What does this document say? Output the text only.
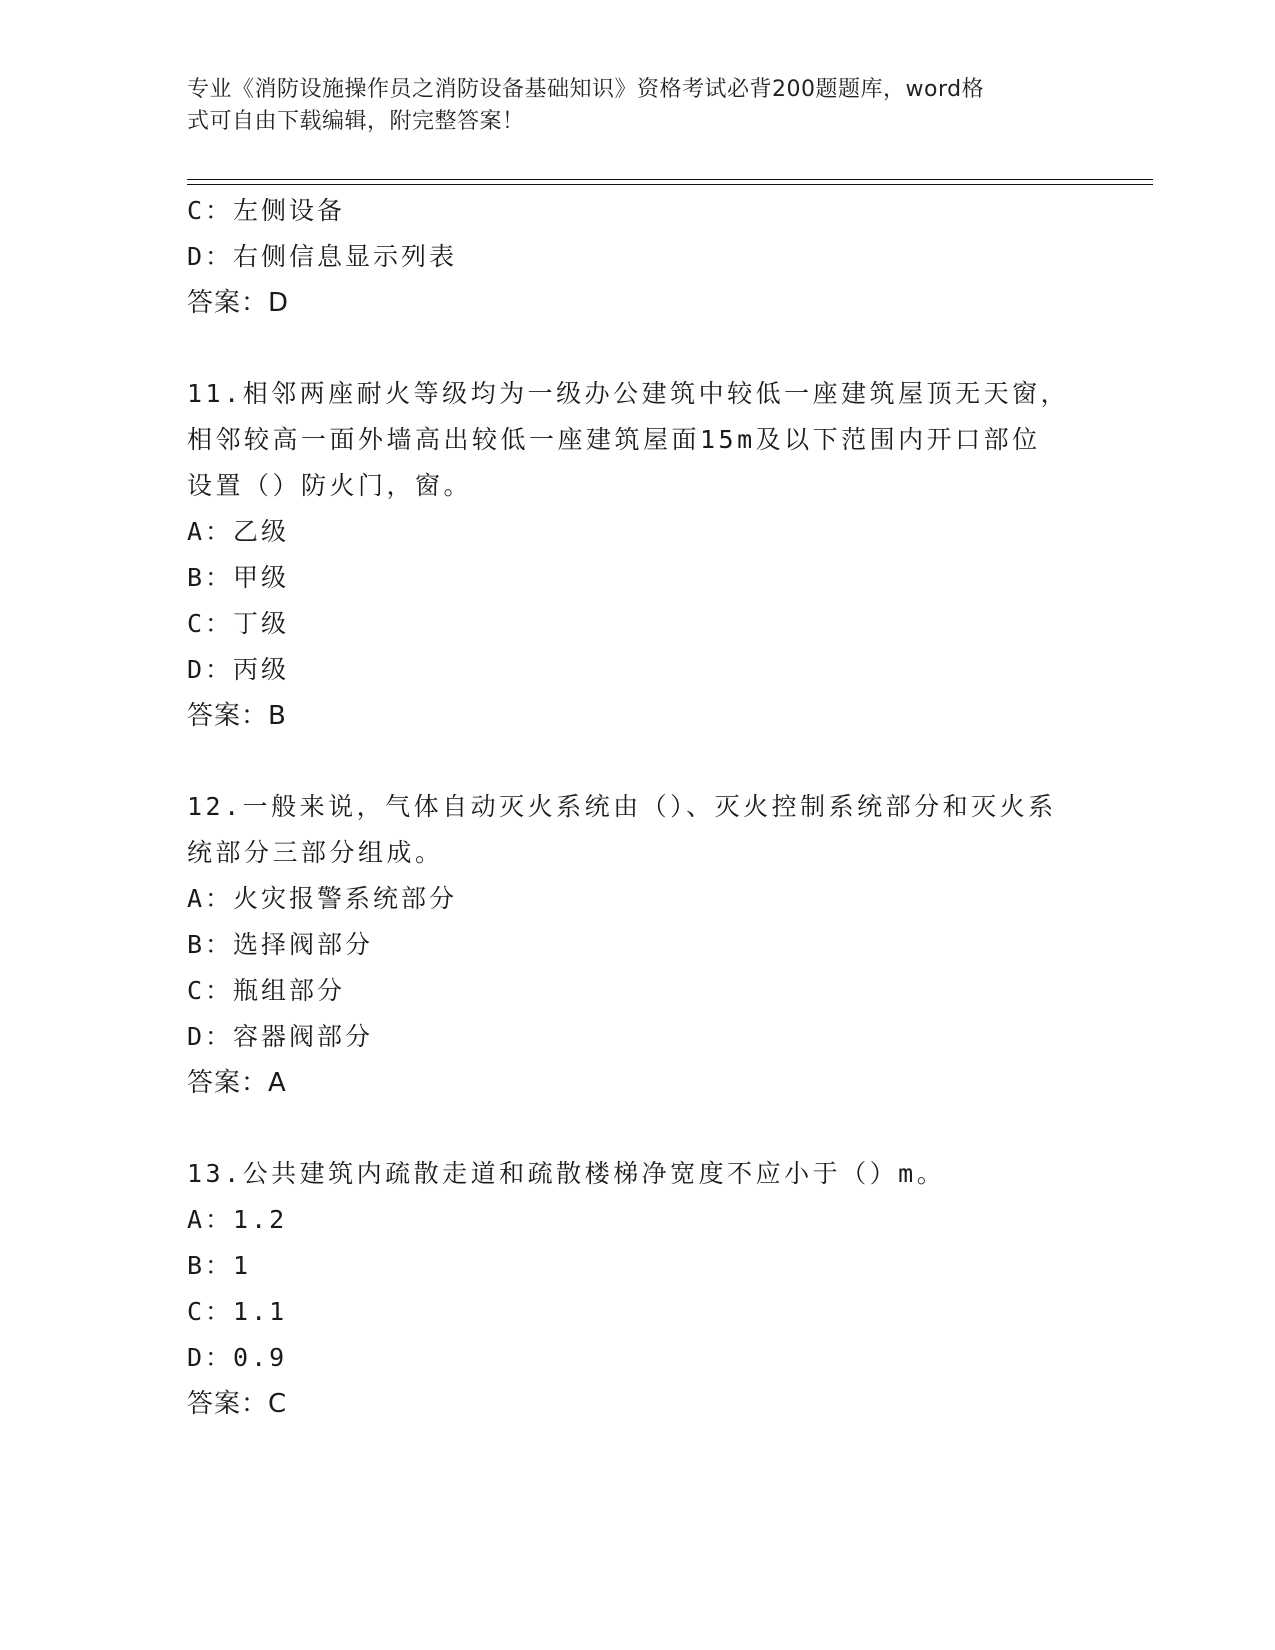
专业《消防设施操作员之消防设备基础知识》资格考试必背200题题库，word格
式可自由下载编辑，附完整答案！
C：左侧设备
D：右侧信息显示列表
答案：D
11.相邻两座耐火等级均为一级办公建筑中较低一座建筑屋顶无天窗，
相邻较高一面外墙高出较低一座建筑屋面15m及以下范围内开口部位
设置（）防火门，窗。
A：乙级
B：甲级
C：丁级
D：丙级
答案：B
12.一般来说，气体自动灭火系统由（）、灭火控制系统部分和灭火系
统部分三部分组成。
A：火灾报警系统部分
B：选择阀部分
C：瓶组部分
D：容器阀部分
答案：A
13.公共建筑内疏散走道和疏散楼梯净宽度不应小于（）m。
A：1.2
B：1
C：1.1
D：0.9
答案：C
